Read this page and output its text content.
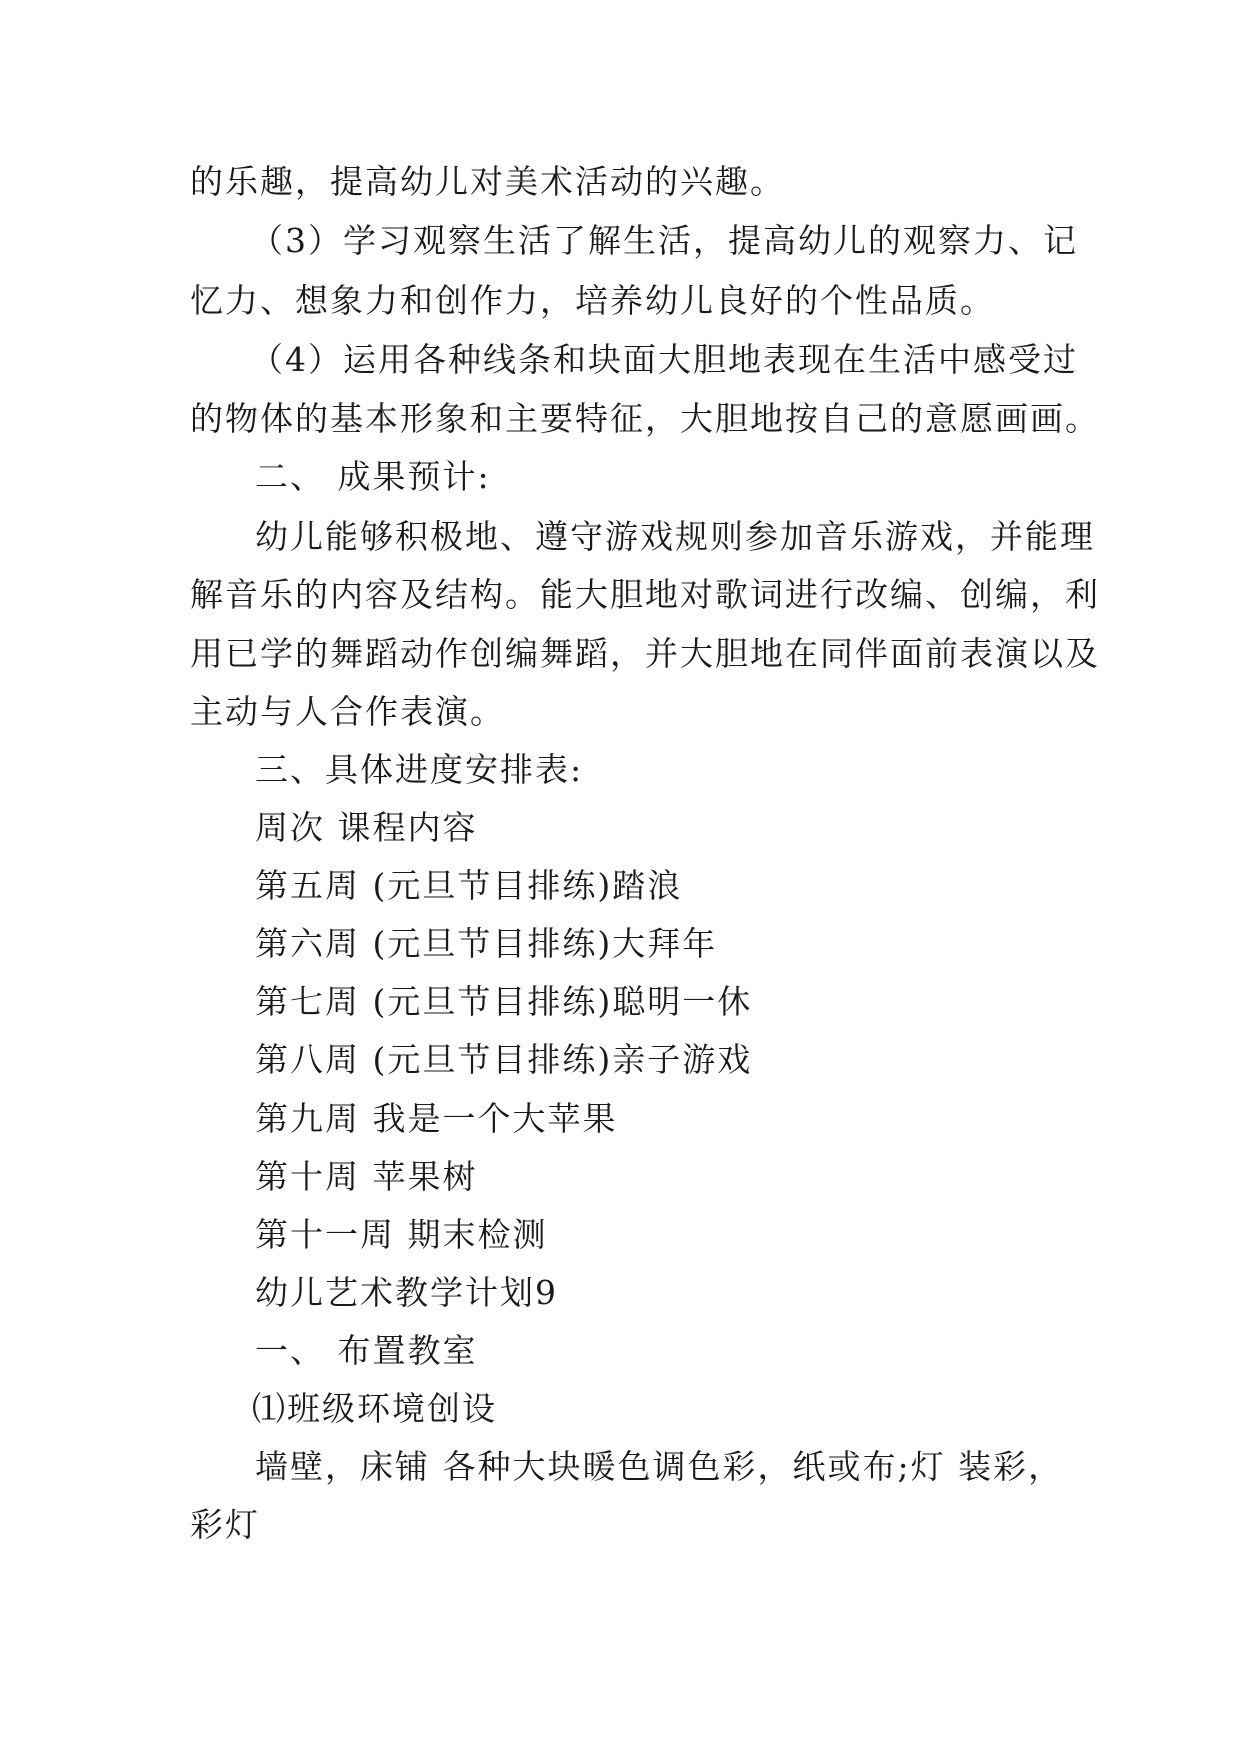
的乐趣，提高幼儿对美术活动的兴趣。
（3）学习观察生活了解生活，提高幼儿的观察力、记
忆力、想象力和创作力，培养幼儿良好的个性品质。
（4）运用各种线条和块面大胆地表现在生活中感受过
的物体的基本形象和主要特征，大胆地按自己的意愿画画。
二、 成果预计:
幼儿能够积极地、遵守游戏规则参加音乐游戏，并能理
解音乐的内容及结构。能大胆地对歌词进行改编、创编，利
用已学的舞蹈动作创编舞蹈，并大胆地在同伴面前表演以及
主动与人合作表演。
三、具体进度安排表:
周次 课程内容
第五周 (元旦节目排练)踏浪
第六周 (元旦节目排练)大拜年
第七周 (元旦节目排练)聪明一休
第八周 (元旦节目排练)亲子游戏
第九周 我是一个大苹果
第十周 苹果树
第十一周 期末检测
幼儿艺术教学计划9
一、 布置教室
⑴班级环境创设
墙壁，床铺 各种大块暖色调色彩，纸或布;灯 装彩，
彩灯
